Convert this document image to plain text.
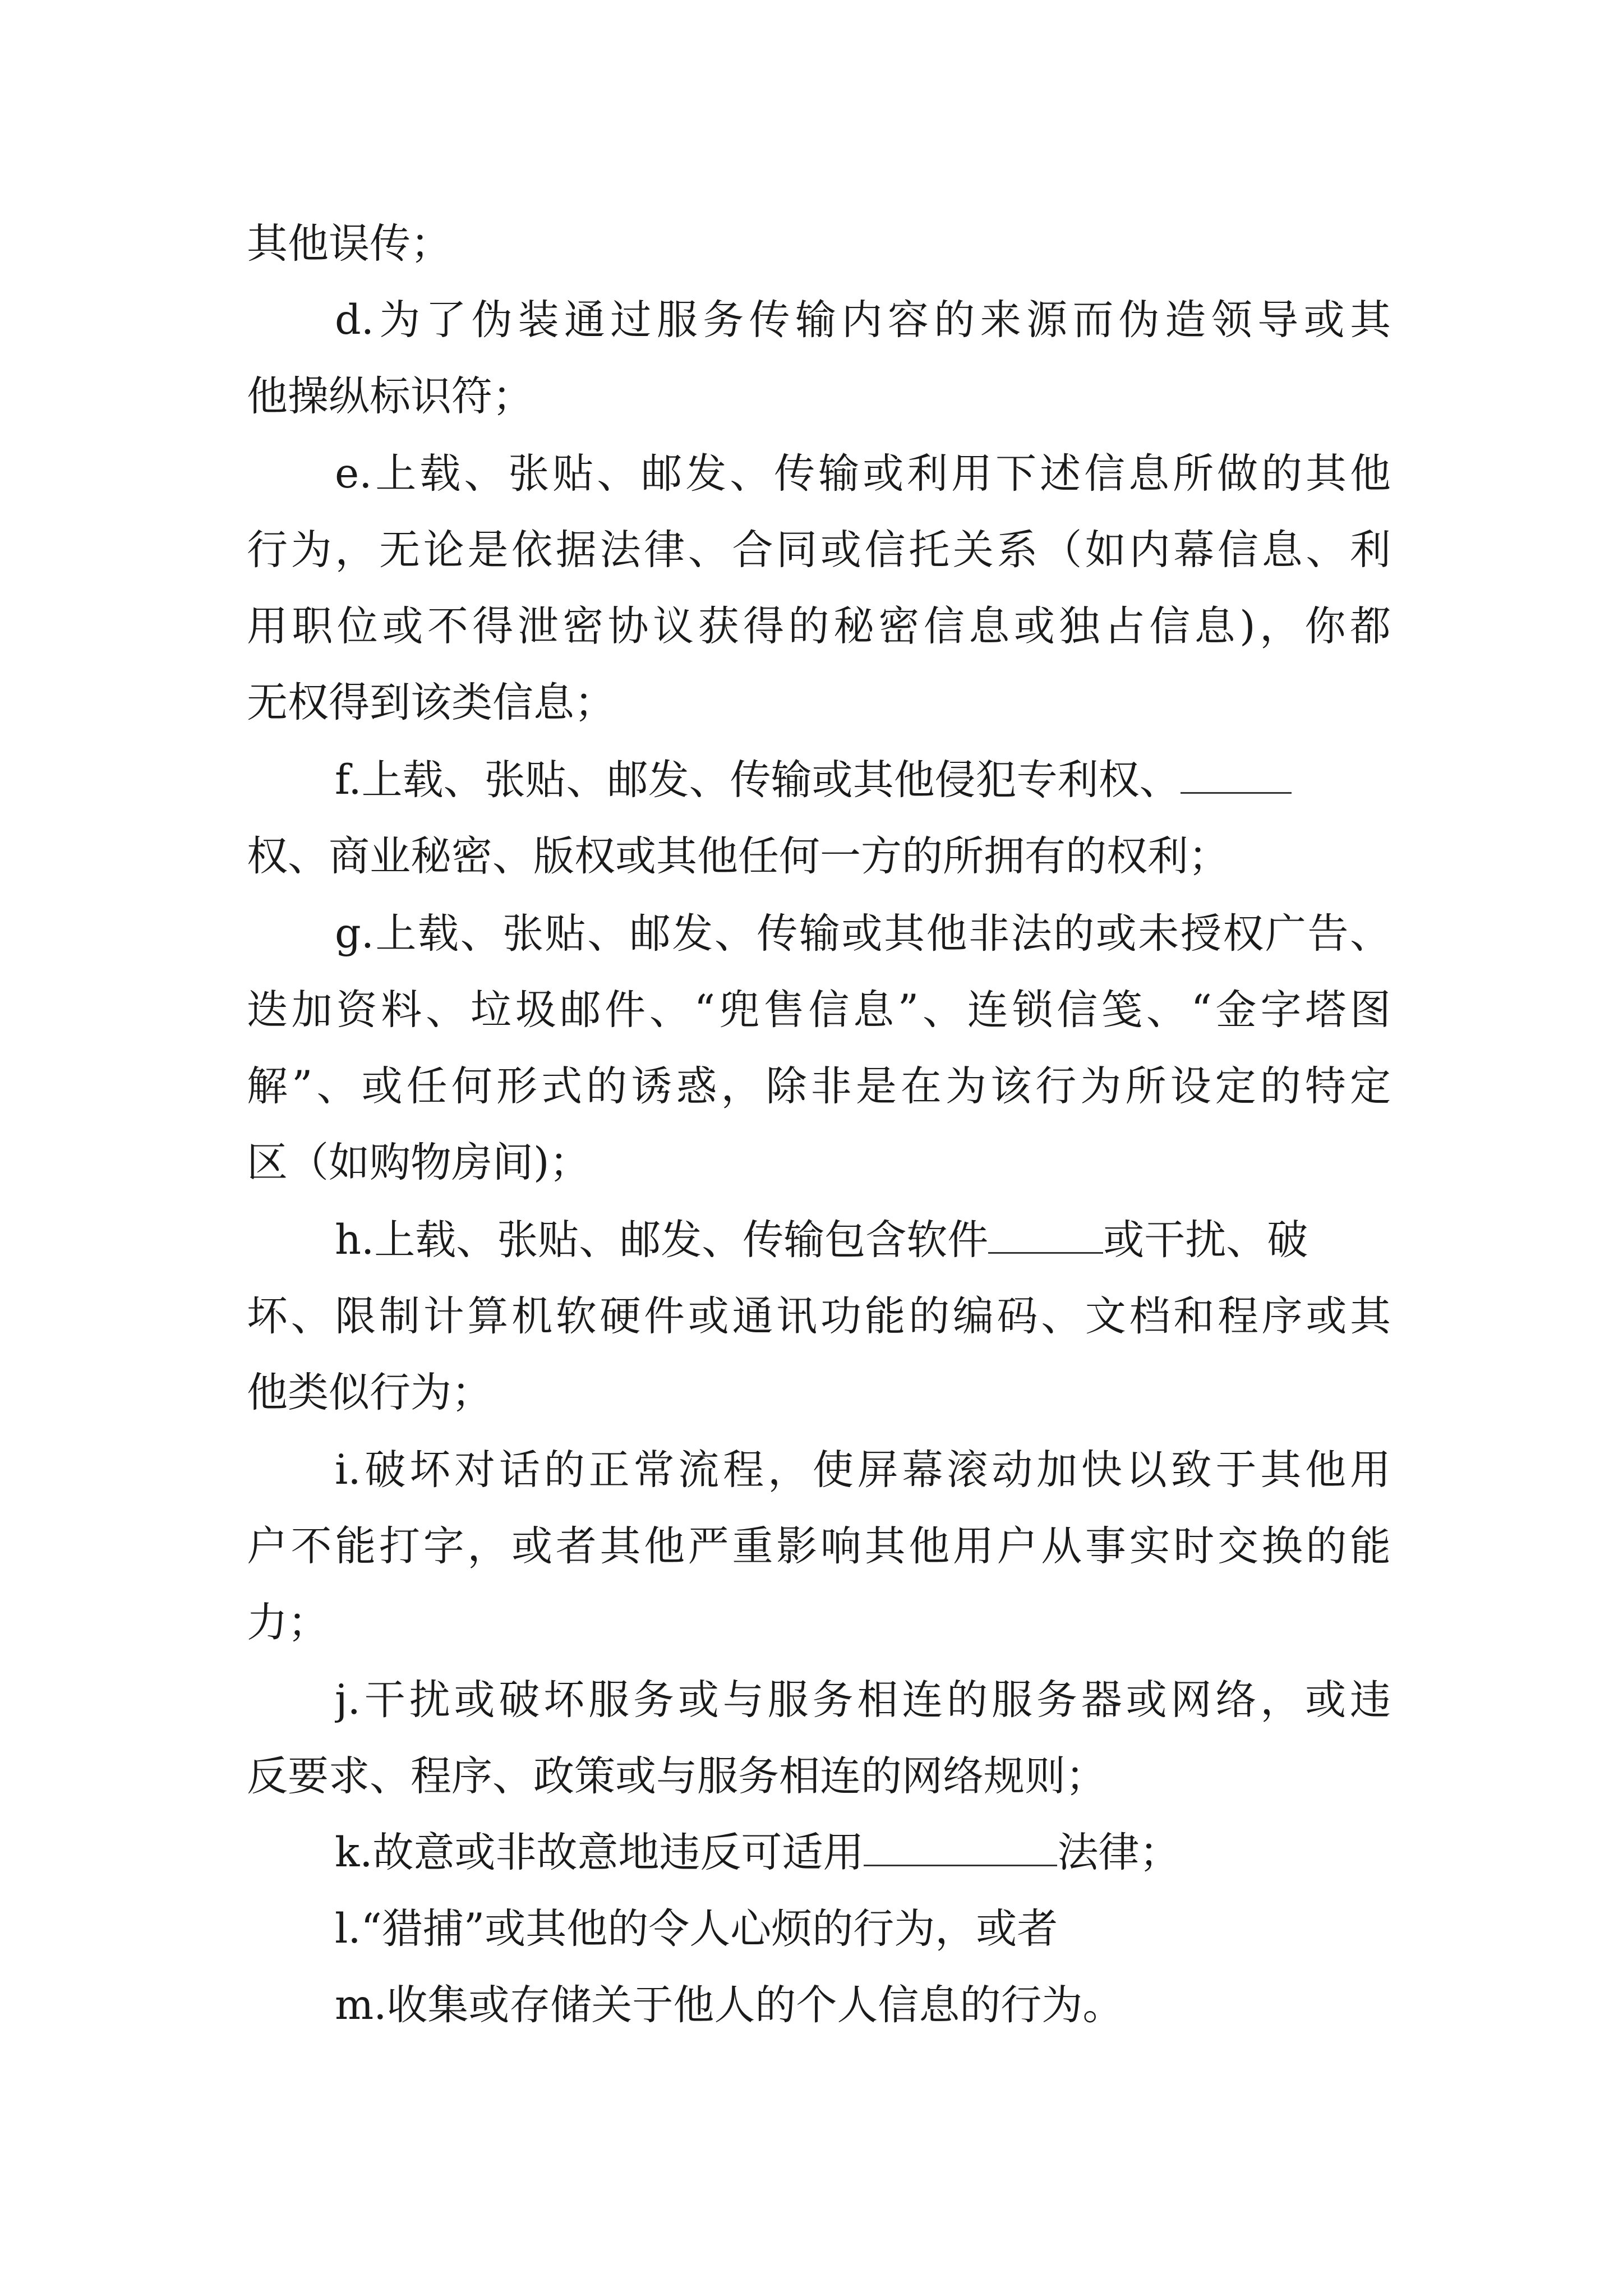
其他误传；
d.为了伪装通过服务传输内容的来源而伪造领导或其
他操纵标识符；
e.上载、张贴、邮发、传输或利用下述信息所做的其他
行为，无论是依据法律、合同或信托关系（如内幕信息、利
用职位或不得泄密协议获得的秘密信息或独占信息)，你都
无权得到该类信息；
f.上载、张贴、邮发、传输或其他侵犯专利权、
权、商业秘密、版权或其他任何一方的所拥有的权利；
g.上载、张贴、邮发、传输或其他非法的或未授权广告、
迭加资料、垃圾邮件、“兜售信息”、连锁信笺、“金字塔图
解”、或任何形式的诱惑，除非是在为该行为所设定的特定
区（如购物房间)；
h.上载、张贴、邮发、传输包含软件	或干扰、破
坏、限制计算机软硬件或通讯功能的编码、文档和程序或其
他类似行为；
i.破坏对话的正常流程，使屏幕滚动加快以致于其他用
户不能打字，或者其他严重影响其他用户从事实时交换的能
力；
j.干扰或破坏服务或与服务相连的服务器或网络，或违
反要求、程序、政策或与服务相连的网络规则；
k.故意或非故意地违反可适用	法律；
l.“猎捕”或其他的令人心烦的行为，或者
m.收集或存储关于他人的个人信息的行为。
